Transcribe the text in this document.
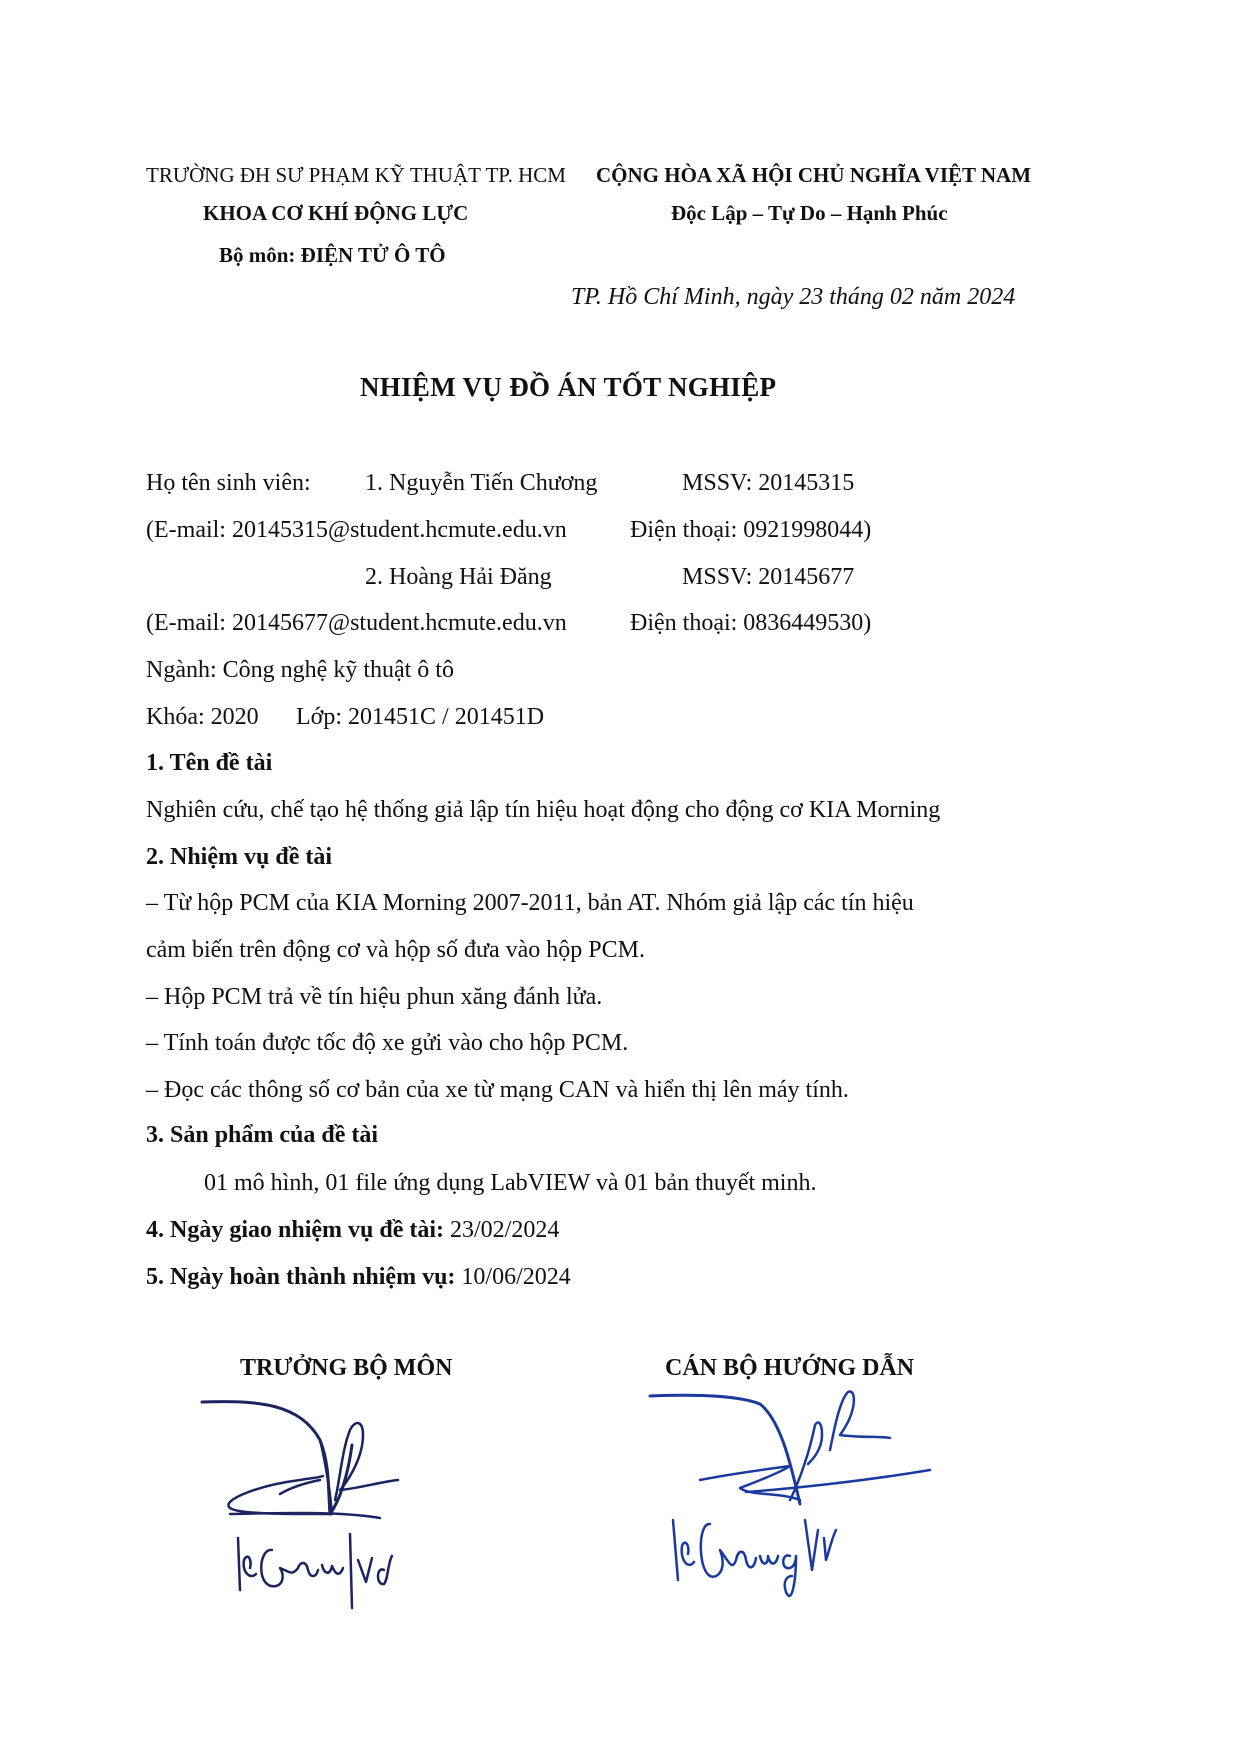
TRƯỜNG ĐH SƯ PHẠM KỸ THUẬT TP. HCM
KHOA CƠ KHÍ ĐỘNG LỰC
Bộ môn: ĐIỆN TỬ Ô TÔ
CỘNG HÒA XÃ HỘI CHỦ NGHĨA VIỆT NAM
Độc Lập – Tự Do – Hạnh Phúc
TP. Hồ Chí Minh, ngày 23 tháng 02 năm 2024
NHIỆM VỤ ĐỒ ÁN TỐT NGHIỆP
Họ tên sinh viên: 1. Nguyễn Tiến Chương	MSSV: 20145315
(E-mail: 20145315@student.hcmute.edu.vn	Điện thoại: 0921998044)
2. Hoàng Hải Đăng	MSSV: 20145677
(E-mail: 20145677@student.hcmute.edu.vn	Điện thoại: 0836449530)
Ngành: Công nghệ kỹ thuật ô tô
Khóa: 2020 Lớp: 201451C / 201451D
1. Tên đề tài
Nghiên cứu, chế tạo hệ thống giả lập tín hiệu hoạt động cho động cơ KIA Morning
2. Nhiệm vụ đề tài
– Từ hộp PCM của KIA Morning 2007-2011, bản AT. Nhóm giả lập các tín hiệu
cảm biến trên động cơ và hộp số đưa vào hộp PCM.
– Hộp PCM trả về tín hiệu phun xăng đánh lửa.
– Tính toán được tốc độ xe gửi vào cho hộp PCM.
– Đọc các thông số cơ bản của xe từ mạng CAN và hiển thị lên máy tính.
3. Sản phẩm của đề tài
01 mô hình, 01 file ứng dụng LabVIEW và 01 bản thuyết minh.
4. Ngày giao nhiệm vụ đề tài: 23/02/2024
5. Ngày hoàn thành nhiệm vụ: 10/06/2024
TRƯỞNG BỘ MÔN	CÁN BỘ HƯỚNG DẪN
